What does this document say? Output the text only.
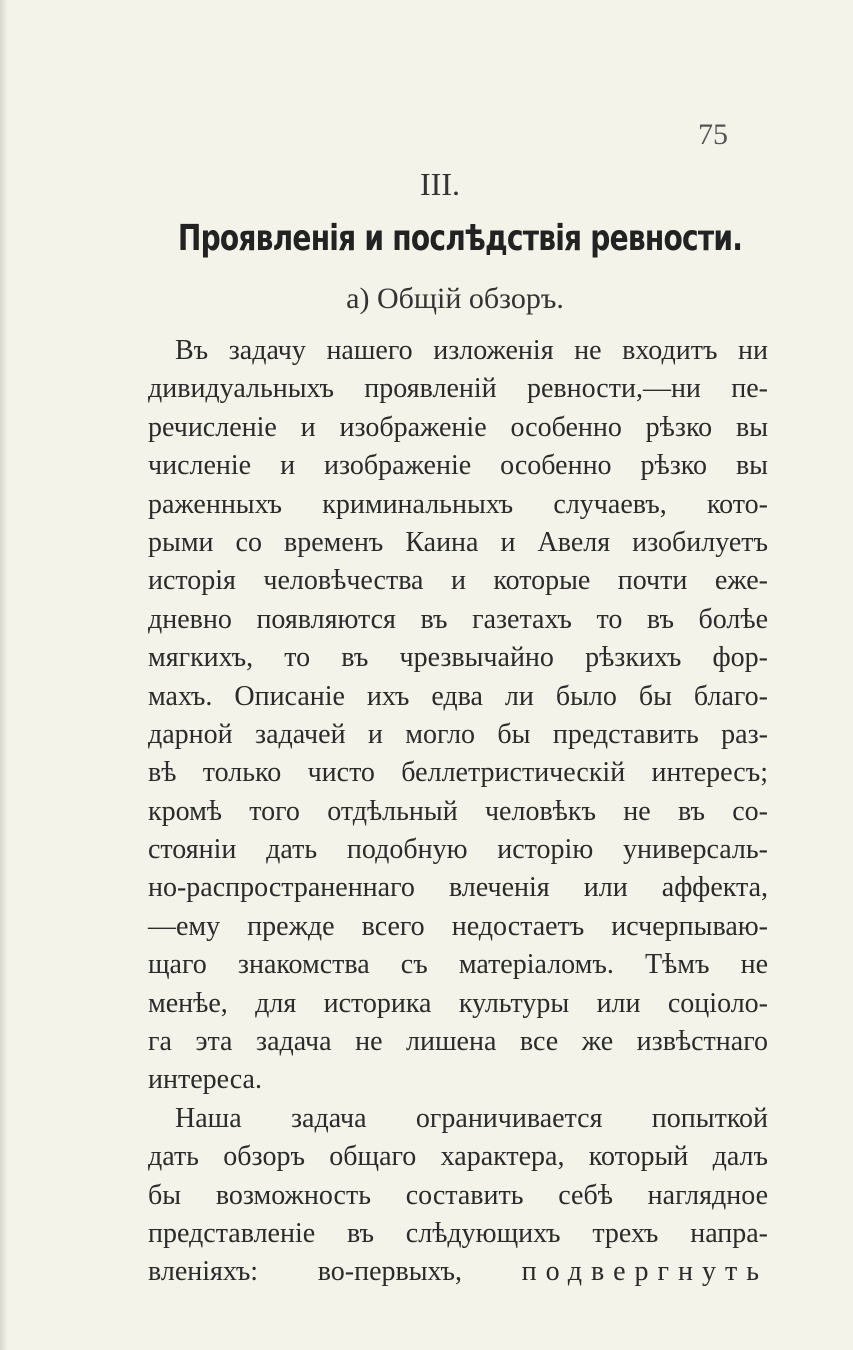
75
III.
Проявленія и послѣдствія ревности.
а) Общій обзоръ.
Въ задачу нашего изложенія не входитъ ни
дивидуальныхъ проявленій ревности,—ни пе-
речисленіе и изображеніе особенно рѣзко вы
численіе и изображеніе особенно рѣзко вы
раженныхъ криминальныхъ случаевъ, кото-
рыми со временъ Каина и Авеля изобилуетъ
исторія человѣчества и которые почти еже-
дневно появляются въ газетахъ то въ болѣе
мягкихъ, то въ чрезвычайно рѣзкихъ фор-
махъ. Описаніе ихъ едва ли было бы благо-
дарной задачей и могло бы представить раз-
вѣ только чисто беллетристическій интересъ;
кромѣ того отдѣльный человѣкъ не въ со-
стояніи дать подобную исторію универсаль-
но-распространеннаго влеченія или аффекта,
—ему прежде всего недостаетъ исчерпываю-
щаго знакомства съ матеріаломъ. Тѣмъ не
менѣе, для историка культуры или соціоло-
га эта задача не лишена все же извѣстнаго
интереса.
Наша задача ограничивается попыткой
дать обзоръ общаго характера, который далъ
бы возможность составить себѣ наглядное
представленіе въ слѣдующихъ трехъ напра-
вленіяхъ: во-первыхъ, подвергнуть
